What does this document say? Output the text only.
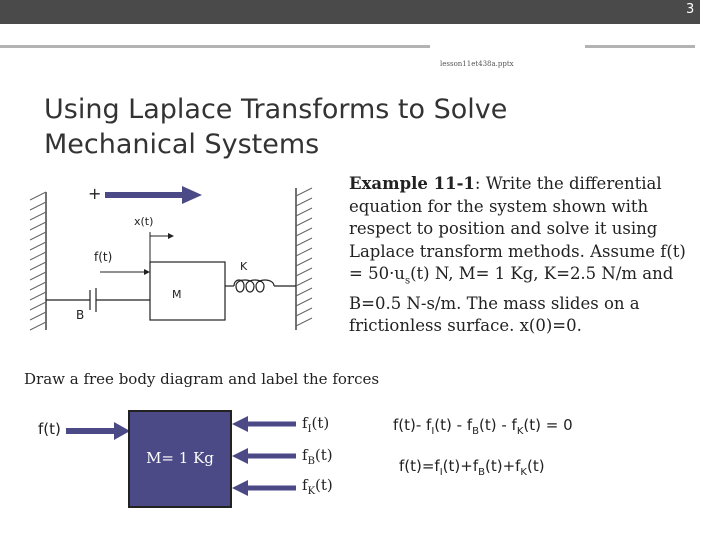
3
lesson11et438a.pptx
Using Laplace Transforms to Solve Mechanical Systems
+
x(t)
f(t)
K
M
B
Example 11-1: Write the differential equation for the system shown with respect to position and solve it using Laplace transform methods. Assume $f(t) = 50\cdot u_s(t)$ N, M= 1 Kg, K=2.5 N/m and B=0.5 N-s/m. The mass slides on a frictionless surface. x(0)=0.
Draw a free body diagram and label the forces
f(t)
M= 1 Kg
$f_I(t)$
$f_B(t)$
$f_K(t)$
f(t)- $f_I(t) - f_B(t) - f_K(t) = 0$
$f(t)=f_I(t)+f_B(t)+f_K(t)$
